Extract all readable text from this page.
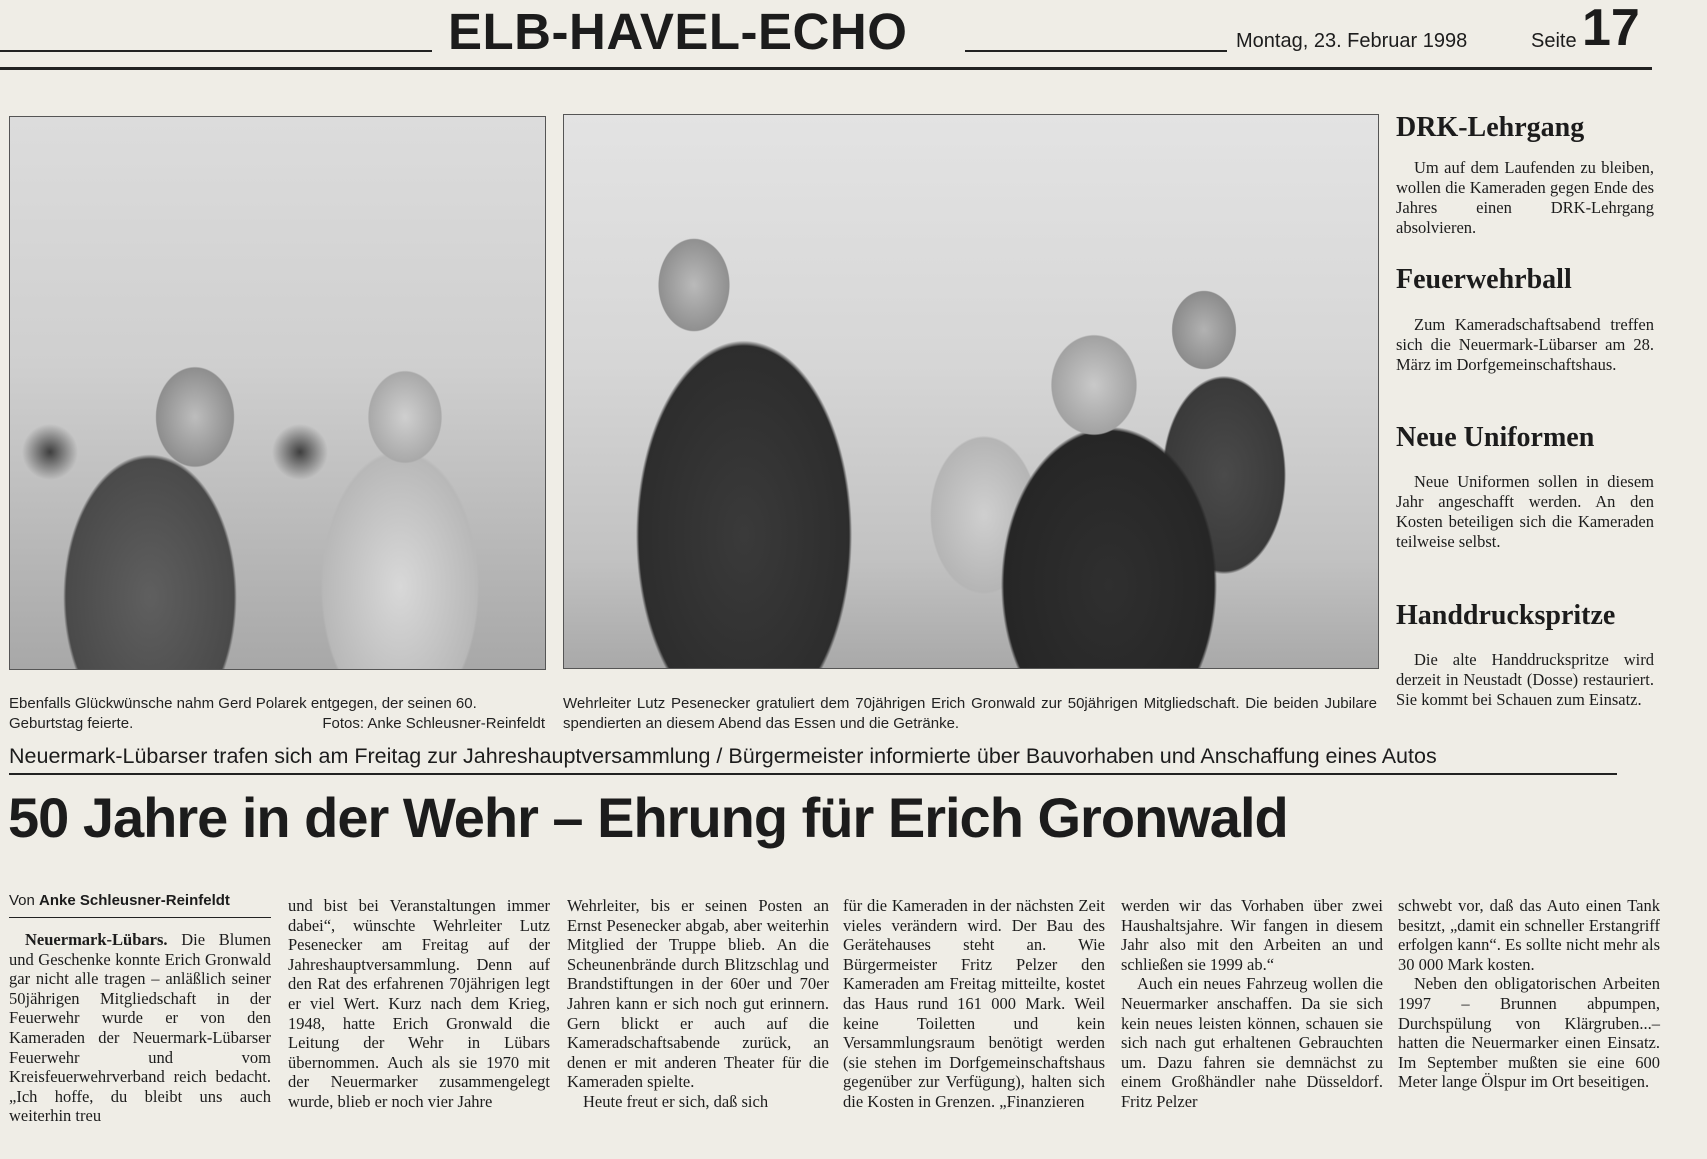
ELB-HAVEL-ECHO	Montag, 23. Februar 1998	Seite 17
Ebenfalls Glückwünsche nahm Gerd Polarek entgegen, der seinen 60.
Geburtstag feierte.	Fotos: Anke Schleusner-Reinfeldt
Wehrleiter Lutz Pesenecker gratuliert dem 70jährigen Erich Gronwald zur 50jährigen Mitgliedschaft. Die beiden Jubilare spendierten an diesem Abend das Essen und die Getränke.
DRK-Lehrgang
Um auf dem Laufenden zu bleiben, wollen die Kameraden gegen Ende des Jahres einen DRK-Lehrgang absolvieren.
Feuerwehrball
Zum Kameradschaftsabend treffen sich die Neuermark-Lübarser am 28. März im Dorfgemeinschaftshaus.
Neue Uniformen
Neue Uniformen sollen in diesem Jahr angeschafft werden. An den Kosten beteiligen sich die Kameraden teilweise selbst.
Handdruckspritze
Die alte Handdruckspritze wird derzeit in Neustadt (Dosse) restauriert. Sie kommt bei Schauen zum Einsatz.
Neuermark-Lübarser trafen sich am Freitag zur Jahreshauptversammlung / Bürgermeister informierte über Bauvorhaben und Anschaffung eines Autos
50 Jahre in der Wehr – Ehrung für Erich Gronwald
Von Anke Schleusner-Reinfeldt

Neuermark-Lübars. Die Blumen und Geschenke konnte Erich Gronwald gar nicht alle tragen – anläßlich seiner 50jährigen Mitgliedschaft in der Feuerwehr wurde er von den Kameraden der Neuermark-Lübarser Feuerwehr und vom Kreisfeuerwehrverband reich bedacht. „Ich hoffe, du bleibt uns auch weiterhin treu

und bist bei Veranstaltungen immer dabei“, wünschte Wehrleiter Lutz Pesenecker am Freitag auf der Jahreshauptversammlung. Denn auf den Rat des erfahrenen 70jährigen legt er viel Wert. Kurz nach dem Krieg, 1948, hatte Erich Gronwald die Leitung der Wehr in Lübars übernommen. Auch als sie 1970 mit der Neuermarker zusammengelegt wurde, blieb er noch vier Jahre

Wehrleiter, bis er seinen Posten an Ernst Pesenecker abgab, aber weiterhin Mitglied der Truppe blieb. An die Scheunenbrände durch Blitzschlag und Brandstiftungen in der 60er und 70er Jahren kann er sich noch gut erinnern. Gern blickt er auch auf die Kameradschaftsabende zurück, an denen er mit anderen Theater für die Kameraden spielte.

Heute freut er sich, daß sich

für die Kameraden in der nächsten Zeit vieles verändern wird. Der Bau des Gerätehauses steht an. Wie Bürgermeister Fritz Pelzer den Kameraden am Freitag mitteilte, kostet das Haus rund 161 000 Mark. Weil keine Toiletten und kein Versammlungsraum benötigt werden (sie stehen im Dorfgemeinschaftshaus gegenüber zur Verfügung), halten sich die Kosten in Grenzen. „Finanzieren

werden wir das Vorhaben über zwei Haushaltsjahre. Wir fangen in diesem Jahr also mit den Arbeiten an und schließen sie 1999 ab.“

Auch ein neues Fahrzeug wollen die Neuermarker anschaffen. Da sie sich kein neues leisten können, schauen sie sich nach gut erhaltenen Gebrauchten um. Dazu fahren sie demnächst zu einem Großhändler nahe Düsseldorf. Fritz Pelzer

schwebt vor, daß das Auto einen Tank besitzt, „damit ein schneller Erstangriff erfolgen kann“. Es sollte nicht mehr als 30 000 Mark kosten.

Neben den obligatorischen Arbeiten 1997 – Brunnen abpumpen, Durchspülung von Klärgruben...– hatten die Neuermarker einen Einsatz. Im September mußten sie eine 600 Meter lange Ölspur im Ort beseitigen.
